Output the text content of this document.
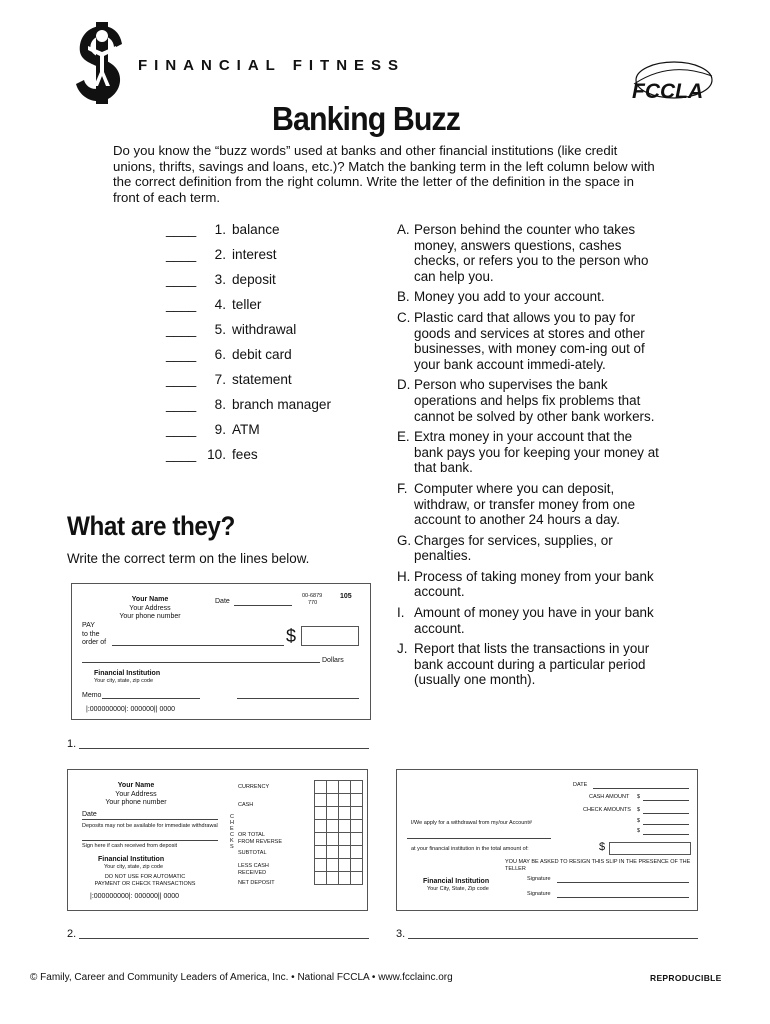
FINANCIAL FITNESS
FCCLA
Banking Buzz
Do you know the “buzz words” used at banks and other financial institutions (like credit unions, thrifts, savings and loans, etc.)? Match the banking term in the left column below with the correct definition from the right column. Write the letter of the definition in the space in front of each term.
____	1. balance
____	2. interest
____	3. deposit
____	4. teller
____	5. withdrawal
____	6. debit card
____	7. statement
____	8. branch manager
____	9. ATM
____ 10. fees
A. Person behind the counter who takes money, answers questions, cashes checks, or refers you to the person who can help you.
B. Money you add to your account.
C. Plastic card that allows you to pay for goods and services at stores and other businesses, with money com-ing out of your bank account immedi-ately.
D. Person who supervises the bank operations and helps fix problems that cannot be solved by other bank workers.
E. Extra money in your account that the bank pays you for keeping your money at that bank.
F. Computer where you can deposit, withdraw, or transfer money from one account to another 24 hours a day.
G. Charges for services, supplies, or penalties.
H. Process of taking money from your bank account.
I. Amount of money you have in your bank account.
J. Report that lists the transactions in your bank account during a particular period (usually one month).
What are they?
Write the correct term on the lines below.
Your Name
Your Address
Your phone number
Date
00-6879
770
105
PAY
to the
order of	$
Dollars
Financial Institution
Your city, state, zip code
Memo
|:000000000|: 000000|| 0000
1.
Your Name
Your Address
Your phone number
Date
Deposits may not be available for immediate withdrawal
Sign here if cash received from deposit
Financial Institution
Your city, state, zip code
DO NOT USE FOR AUTOMATIC
PAYMENT OR CHECK TRANSACTIONS
|:000000000|: 000000|| 0000
CURRENCY
CASH
C
H
E
C
K
S
OR TOTAL
FROM REVERSE
SUBTOTAL
LESS CASH
RECEIVED
NET DEPOSIT

2.
DATE
CASH AMOUNT $
CHECK AMOUNTS $
$
$
I/We apply for a withdrawal from my/our Account#
at your financial institution in the total amount of:	$
YOU MAY BE ASKED TO RESIGN THIS SLIP IN THE PRESENCE OF THE TELLER
Financial Institution
Your City, State, Zip code
Signature
Signature
3.
© Family, Career and Community Leaders of America, Inc. • National FCCLA • www.fcclainc.org	REPRODUCIBLE
